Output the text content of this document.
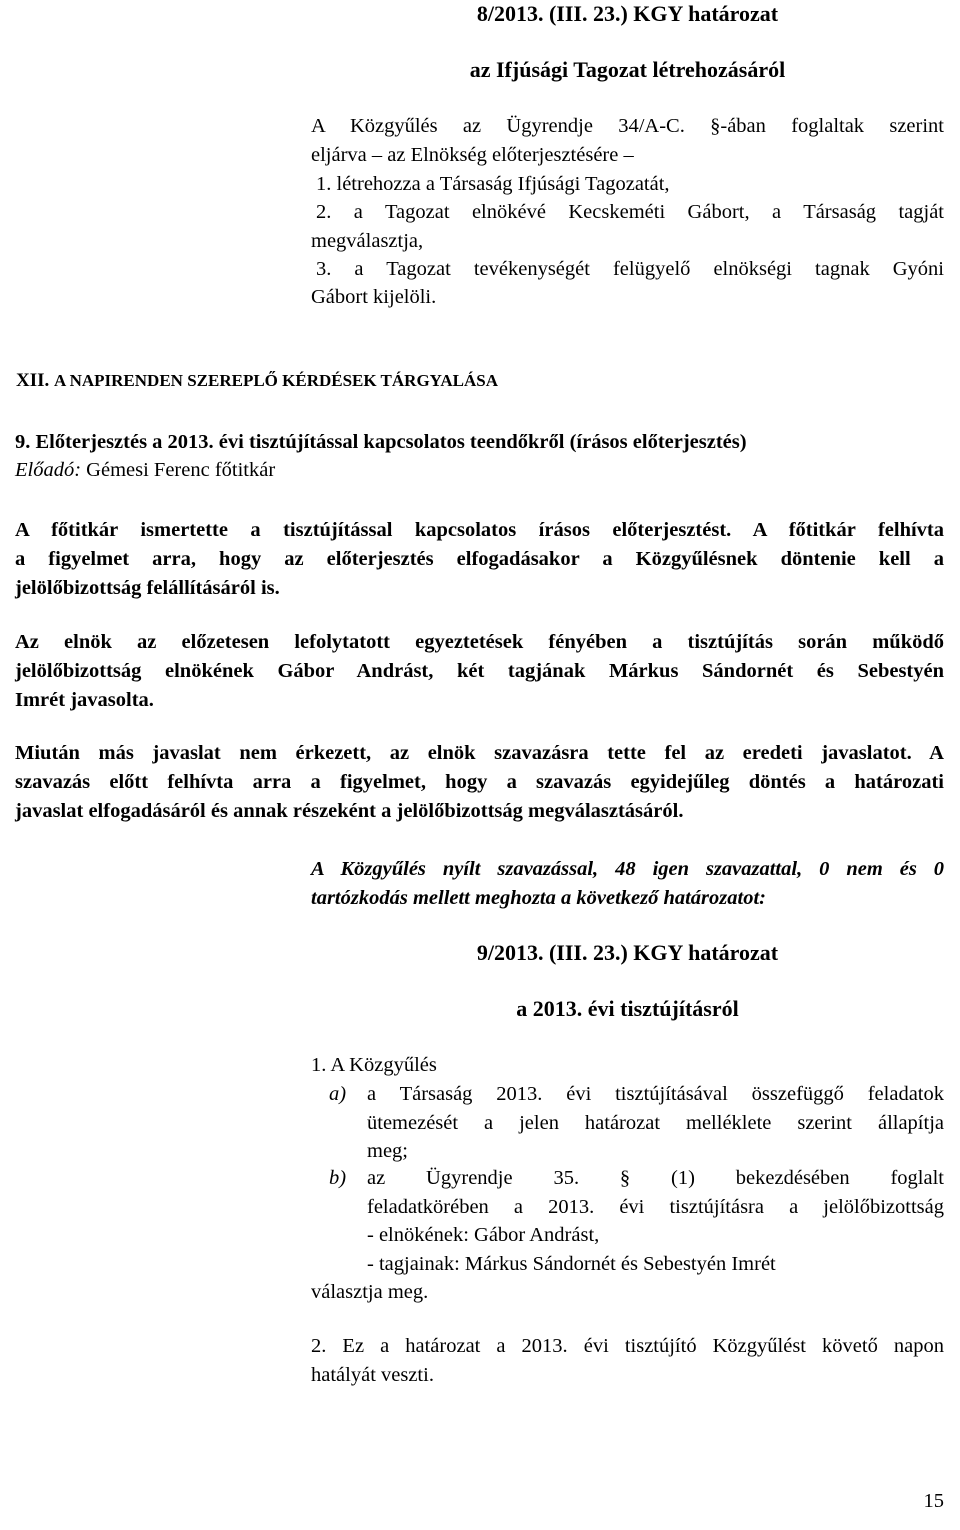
8/2013. (III. 23.) KGY határozat
az Ifjúsági Tagozat létrehozásáról
A Közgyűlés az Ügyrendje 34/A-C. §-ában foglaltak szerint
eljárva – az Elnökség előterjesztésére –
1. létrehozza a Társaság Ifjúsági Tagozatát,
2. a Tagozat elnökévé Kecskeméti Gábort, a Társaság tagját
megválasztja,
3. a Tagozat tevékenységét felügyelő elnökségi tagnak Gyóni
Gábort kijelöli.
XII. A NAPIRENDEN SZEREPLŐ KÉRDÉSEK TÁRGYALÁSA
9. Előterjesztés a 2013. évi tisztújítással kapcsolatos teendőkről (írásos előterjesztés)
Előadó: Gémesi Ferenc főtitkár
A főtitkár ismertette a tisztújítással kapcsolatos írásos előterjesztést. A főtitkár felhívta
a figyelmet arra, hogy az előterjesztés elfogadásakor a Közgyűlésnek döntenie kell a
jelölőbizottság felállításáról is.
Az elnök az előzetesen lefolytatott egyeztetések fényében a tisztújítás során működő
jelölőbizottság elnökének Gábor Andrást, két tagjának Márkus Sándornét és Sebestyén
Imrét javasolta.
Miután más javaslat nem érkezett, az elnök szavazásra tette fel az eredeti javaslatot. A
szavazás előtt felhívta arra a figyelmet, hogy a szavazás egyidejűleg döntés a határozati
javaslat elfogadásáról és annak részeként a jelölőbizottság megválasztásáról.
A Közgyűlés nyílt szavazással, 48 igen szavazattal, 0 nem és 0
tartózkodás mellett meghozta a következő határozatot:
9/2013. (III. 23.) KGY határozat
a 2013. évi tisztújításról
1. A Közgyűlés
a) a Társaság 2013. évi tisztújításával összefüggő feladatok
ütemezését a jelen határozat melléklete szerint állapítja
meg;
b) az Ügyrendje 35. § (1) bekezdésében foglalt
feladatkörében a 2013. évi tisztújításra a jelölőbizottság
- elnökének: Gábor Andrást,
- tagjainak: Márkus Sándornét és Sebestyén Imrét
választja meg.
2. Ez a határozat a 2013. évi tisztújító Közgyűlést követő napon
hatályát veszti.
15
